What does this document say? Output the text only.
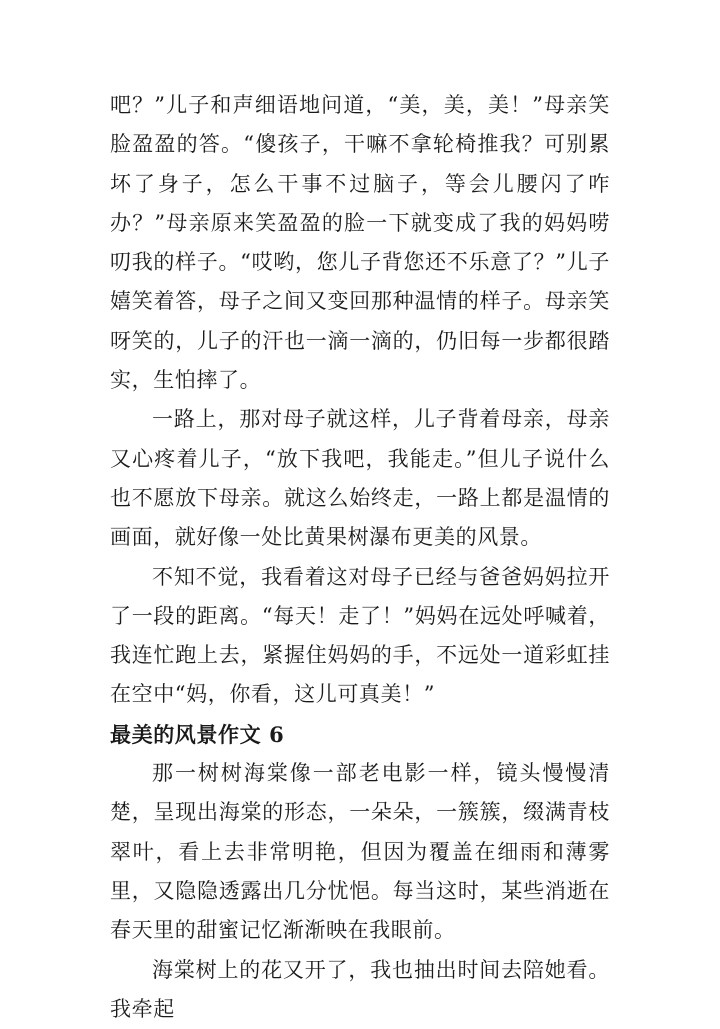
吧？”儿子和声细语地问道，“美，美，美！”母亲笑脸盈盈的答。“傻孩子，干嘛不拿轮椅推我？可别累坏了身子，怎么干事不过脑子，等会儿腰闪了咋办？”母亲原来笑盈盈的脸一下就变成了我的妈妈唠叨我的样子。“哎哟，您儿子背您还不乐意了？”儿子嬉笑着答，母子之间又变回那种温情的样子。母亲笑呀笑的，儿子的汗也一滴一滴的，仍旧每一步都很踏实，生怕摔了。

一路上，那对母子就这样，儿子背着母亲，母亲又心疼着儿子，“放下我吧，我能走。”但儿子说什么也不愿放下母亲。就这么始终走，一路上都是温情的画面，就好像一处比黄果树瀑布更美的风景。

不知不觉，我看着这对母子已经与爸爸妈妈拉开了一段的距离。“每天！走了！”妈妈在远处呼喊着，我连忙跑上去，紧握住妈妈的手，不远处一道彩虹挂在空中“妈，你看，这儿可真美！”

最美的风景作文 6

那一树树海棠像一部老电影一样，镜头慢慢清楚，呈现出海棠的形态，一朵朵，一簇簇，缀满青枝翠叶，看上去非常明艳，但因为覆盖在细雨和薄雾里，又隐隐透露出几分忧悒。每当这时，某些消逝在春天里的甜蜜记忆渐渐映在我眼前。

海棠树上的花又开了，我也抽出时间去陪她看。我牵起
